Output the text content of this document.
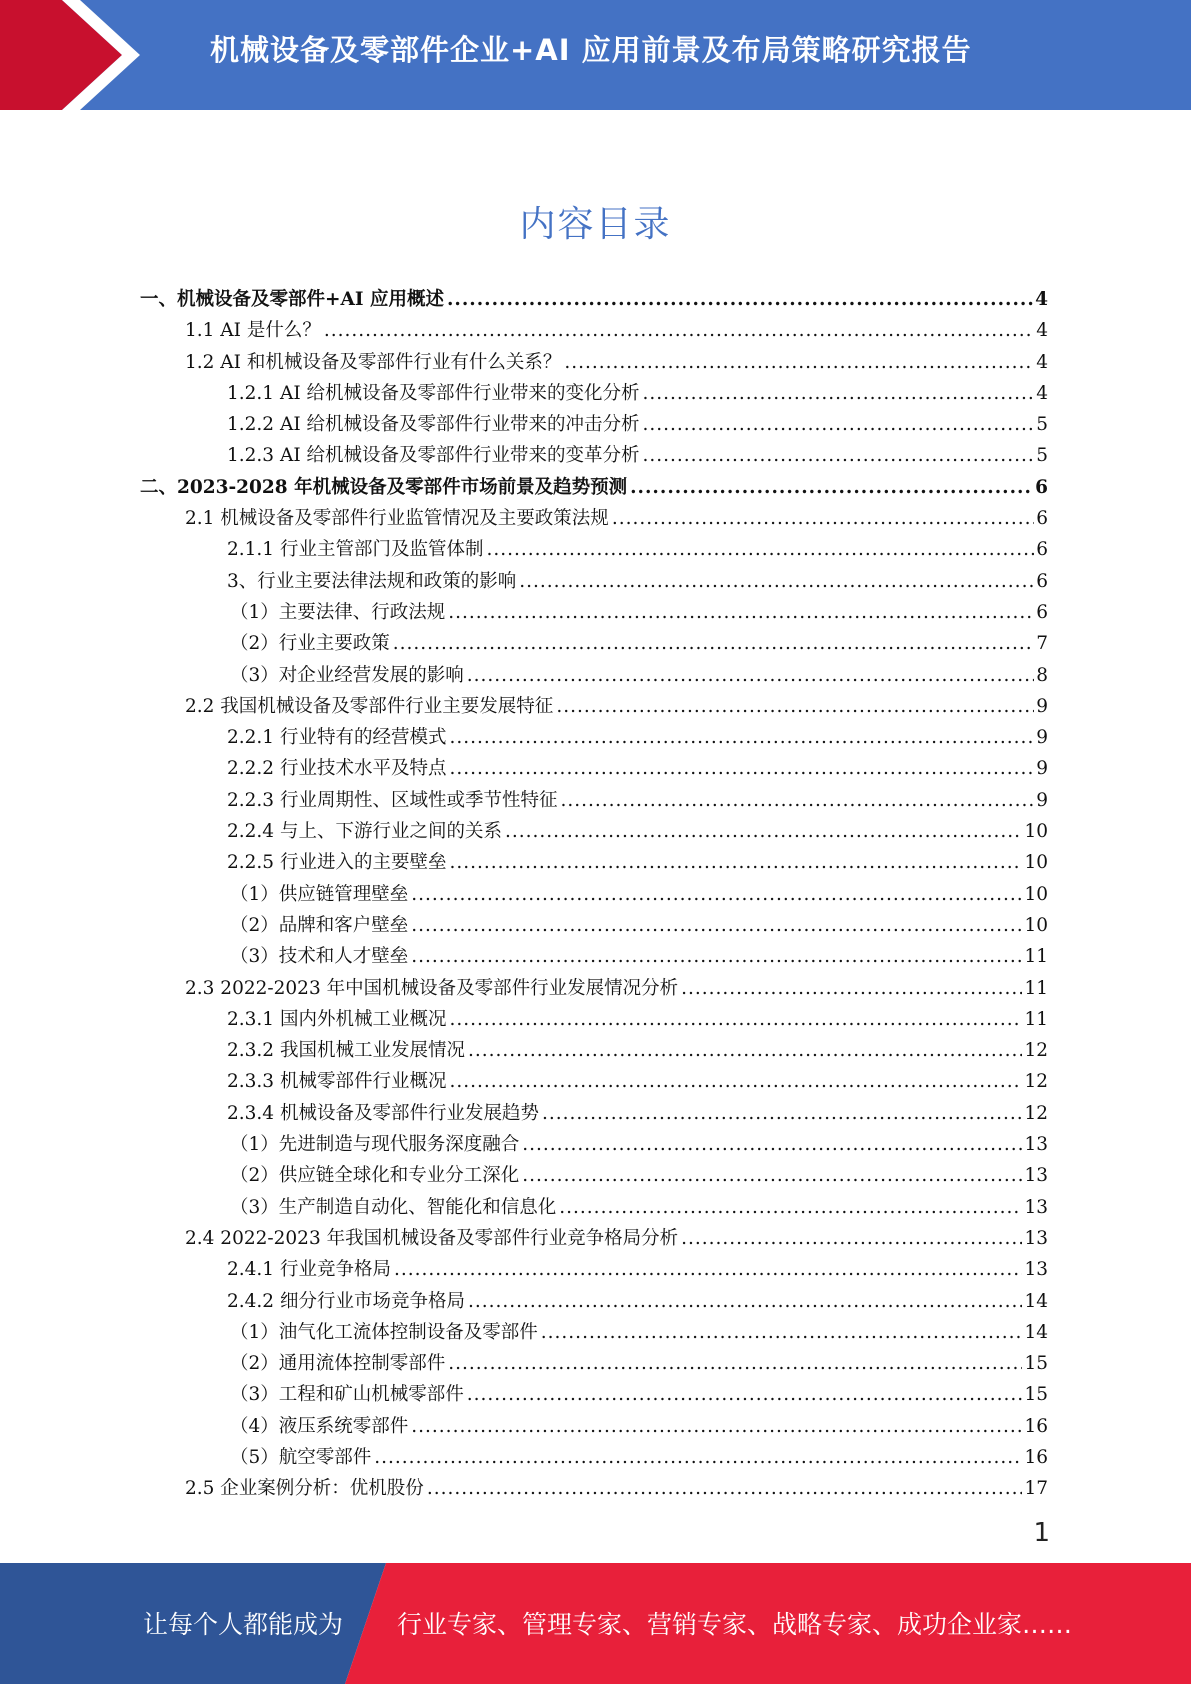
机械设备及零部件企业+AI 应用前景及布局策略研究报告
内容目录
一、机械设备及零部件+AI 应用概述 .....	4
1.1 AI 是什么？ .....	4
1.2 AI 和机械设备及零部件行业有什么关系？ .....	4
1.2.1 AI 给机械设备及零部件行业带来的变化分析 .....	4
1.2.2 AI 给机械设备及零部件行业带来的冲击分析 .....	5
1.2.3 AI 给机械设备及零部件行业带来的变革分析 .....	5
二、2023-2028 年机械设备及零部件市场前景及趋势预测 .....	6
2.1 机械设备及零部件行业监管情况及主要政策法规 .....	6
2.1.1 行业主管部门及监管体制 .....	6
3、行业主要法律法规和政策的影响 .....	6
（1）主要法律、行政法规 .....	6
（2）行业主要政策 .....	7
（3）对企业经营发展的影响 .....	8
2.2 我国机械设备及零部件行业主要发展特征 .....	9
2.2.1 行业特有的经营模式 .....	9
2.2.2 行业技术水平及特点 .....	9
2.2.3 行业周期性、区域性或季节性特征 .....	9
2.2.4 与上、下游行业之间的关系 .....	10
2.2.5 行业进入的主要壁垒 .....	10
（1）供应链管理壁垒 .....	10
（2）品牌和客户壁垒 .....	10
（3）技术和人才壁垒 .....	11
2.3 2022-2023 年中国机械设备及零部件行业发展情况分析 .....	11
2.3.1 国内外机械工业概况 .....	11
2.3.2 我国机械工业发展情况 .....	12
2.3.3 机械零部件行业概况 .....	12
2.3.4 机械设备及零部件行业发展趋势 .....	12
（1）先进制造与现代服务深度融合 .....	13
（2）供应链全球化和专业分工深化 .....	13
（3）生产制造自动化、智能化和信息化 .....	13
2.4 2022-2023 年我国机械设备及零部件行业竞争格局分析 .....	13
2.4.1 行业竞争格局 .....	13
2.4.2 细分行业市场竞争格局 .....	14
（1）油气化工流体控制设备及零部件 .....	14
（2）通用流体控制零部件 .....	15
（3）工程和矿山机械零部件 .....	15
（4）液压系统零部件 .....	16
（5）航空零部件 .....	16
2.5 企业案例分析：优机股份 .....	17
1
让每个人都能成为 行业专家、管理专家、营销专家、战略专家、成功企业家……
